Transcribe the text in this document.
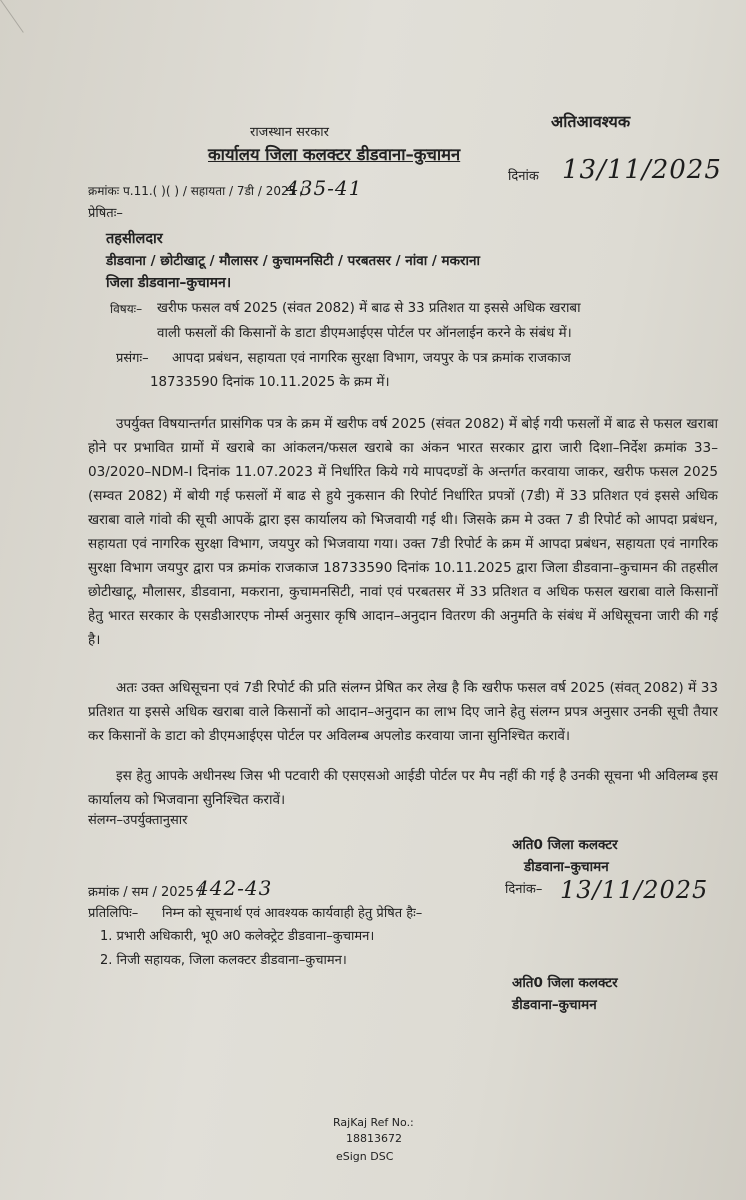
राजस्थान सरकार
अतिआवश्यक
कार्यालय जिला कलक्टर डीडवाना–कुचामन
दिनांक 13/11/2025
क्रमांकः प.11.( )( ) / सहायता / 7डी / 2025 /
435-41
प्रेषितः–
तहसीलदार
डीडवाना / छोटीखाटू / मौलासर / कुचामनसिटी / परबतसर / नांवा / मकराना
जिला डीडवाना–कुचामन।
विषयः– खरीफ फसल वर्ष 2025 (संवत 2082) में बाढ से 33 प्रतिशत या इससे अधिक खराबा
वाली फसलों की किसानों के डाटा डीएमआईएस पोर्टल पर ऑनलाईन करने के संबंध में।
प्रसंगः– आपदा प्रबंधन, सहायता एवं नागरिक सुरक्षा विभाग, जयपुर के पत्र क्रमांक राजकाज
18733590 दिनांक 10.11.2025 के क्रम में।
उपर्युक्त विषयान्तर्गत प्रासंगिक पत्र के क्रम में खरीफ वर्ष 2025 (संवत 2082) में बोई गयी फसलों में बाढ से फसल खराबा होने पर प्रभावित ग्रामों में खराबे का आंकलन/फसल खराबे का अंकन भारत सरकार द्वारा जारी दिशा–निर्देश क्रमांक 33–03/2020–NDM-I दिनांक 11.07.2023 में निर्धारित किये गये मापदण्डों के अन्तर्गत करवाया जाकर, खरीफ फसल 2025 (सम्वत 2082) में बोयी गई फसलों में बाढ से हुये नुकसान की रिपोर्ट निर्धारित प्रपत्रों (7डी) में 33 प्रतिशत एवं इससे अधिक खराबा वाले गांवो की सूची आपकें द्वारा इस कार्यालय को भिजवायी गई थी। जिसके क्रम मे उक्त 7 डी रिपोर्ट को आपदा प्रबंधन, सहायता एवं नागरिक सुरक्षा विभाग, जयपुर को भिजवाया गया। उक्त 7डी रिपोर्ट के क्रम में आपदा प्रबंधन, सहायता एवं नागरिक सुरक्षा विभाग जयपुर द्वारा पत्र क्रमांक राजकाज 18733590 दिनांक 10.11.2025 द्वारा जिला डीडवाना–कुचामन की तहसील छोटीखाटू, मौलासर, डीडवाना, मकराना, कुचामनसिटी, नावां एवं परबतसर में 33 प्रतिशत व अधिक फसल खराबा वाले किसानों हेतु भारत सरकार के एसडीआरएफ नोर्म्स अनुसार कृषि आदान–अनुदान वितरण की अनुमति के संबंध में अधिसूचना जारी की गई है।
अतः उक्त अधिसूचना एवं 7डी रिपोर्ट की प्रति संलग्न प्रेषित कर लेख है कि खरीफ फसल वर्ष 2025 (संवत् 2082) में 33 प्रतिशत या इससे अधिक खराबा वाले किसानों को आदान–अनुदान का लाभ दिए जाने हेतु संलग्न प्रपत्र अनुसार उनकी सूची तैयार कर किसानों के डाटा को डीएमआईएस पोर्टल पर अविलम्ब अपलोड करवाया जाना सुनिश्चित करावें।
इस हेतु आपके अधीनस्थ जिस भी पटवारी की एसएसओ आईडी पोर्टल पर मैप नहीं की गई है उनकी सूचना भी अविलम्ब इस कार्यालय को भिजवाना सुनिश्चित करावें।
संलग्न–उपर्युक्तानुसार
अति0 जिला कलक्टर
डीडवाना–कुचामन
दिनांक– 13/11/2025
क्रमांक / सम / 2025 /
442-43
प्रतिलिपिः– निम्न को सूचनार्थ एवं आवश्यक कार्यवाही हेतु प्रेषित हैः–
1. प्रभारी अधिकारी, भू0 अ0 कलेक्ट्रेट डीडवाना–कुचामन।
2. निजी सहायक, जिला कलक्टर डीडवाना–कुचामन।
अति0 जिला कलक्टर
डीडवाना–कुचामन
RajKaj Ref No.:
18813672
eSign DSC
